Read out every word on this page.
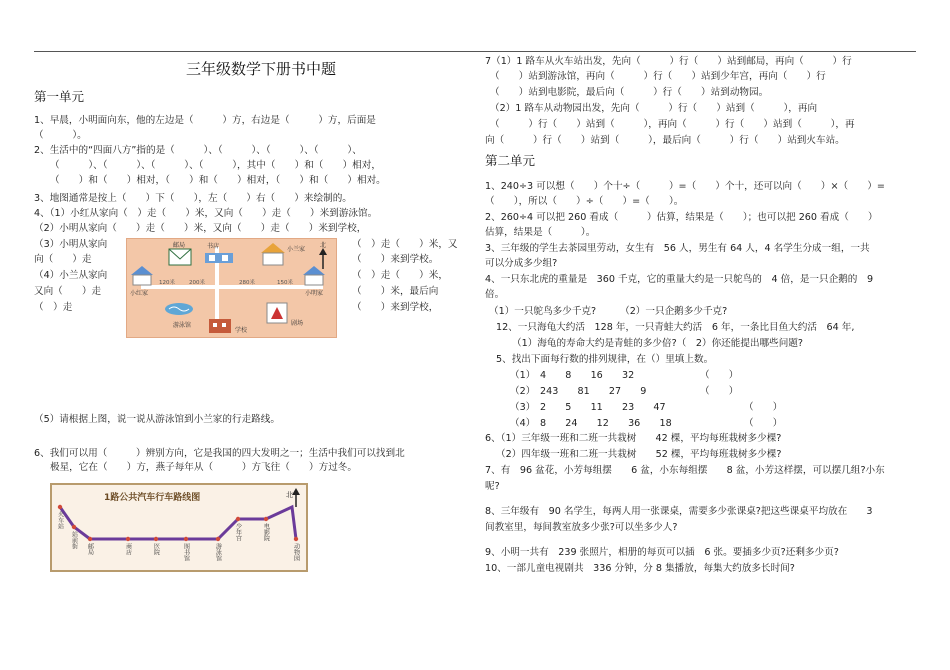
三年级数学下册书中题
第一单元
1、早晨，小明面向东，他的左边是（　　　）方，右边是（　　　）方，后面是
（　　　）。
2、生活中的“四面八方”指的是（　　　）、（　　　）、（　　　）、（　　　）、
（　　　）、（　　　）、（　　　）、（　　　），其中（　　）和（　　）相对，
（　　）和（　　）相对，（　　）和（　　）相对，（　　）和（　　）相对。
3、地图通常是按上（　　）下（　　），左（　　）右（　　）来绘制的。
4、（1）小红从家向（　）走（　　）米，又向（　　）走（　　）米到游泳馆。
（2）小明从家向（　　）走（　　）米，又向（　　）走（　　）米到学校，
（3）小明从家向
向（　　）走
（4）小兰从家向
又向（　　）走
（　）走
（　）走（　　）米，又
（　　）来到学校。
（　）走（　　）米，
（　　）米，最后向
（　　）来到学校，
邮局	书店	小兰家
北
小红家	小明家
120米	200米	280米	150米
游泳馆
学校
剧场
（5）请根据上图，说一说从游泳馆到小兰家的行走路线。
6、我们可以用（　　　）辨别方向，它是我国的四大发明之一；生活中我们可以找到北
极星，它在（　　）方，燕子每年从（　　　）方飞往（　　）方过冬。
1路公共汽车行车路线图	北
火车站
站前街 邮局	商店	医院	图书馆	游泳馆
少年宫	电影院
动物园
7（1）1 路车从火车站出发，先向（　　　）行（　　）站到邮局，再向（　　　）行
（　　）站到游泳馆，再向（　　　）行（　　）站到少年宫，再向（　　）行
（　　）站到电影院，最后向（　　　）行（　　）站到动物园。
（2）1 路车从动物园出发，先向（　　　）行（　　）站到（　　　），再向
（　　　）行（　　）站到（　　　），再向（　　　）行（　　）站到（　　　），再
向（　　　）行（　　）站到（　　　），最后向（　　　）行（　　）站到火车站。
第二单元
1、240÷3 可以想（　　）个十÷（　　　）=（　　）个十，还可以向（　　）×（　　）=
（　　），所以（　　）÷（　　）=（　　）。
2、260÷4 可以把 260 看成（　　　）估算，结果是（　　）；也可以把 260 看成（　　）
估算，结果是（　　　）。
3、三年级的学生去茶园里劳动，女生有　56 人，男生有 64 人，4 名学生分成一组，一共
可以分成多少组?
4、一只东北虎的重量是　360 千克，它的重量大约是一只鸵鸟的　4 倍，是一只企鹅的　9
倍。
（1）一只鸵鸟多少千克?　　　（2）一只企鹅多少千克?
12、一只海龟大约活　128 年，一只青蛙大约活　6 年，一条比目鱼大约活　64 年,
（1）海龟的寿命大约是青蛙的多少倍?（　2）你还能提出哪些问题?
5、找出下面每行数的排列规律，在（）里填上数。
（1） 4　　8　　16　　32	（　　）
（2） 243　　81　　27　　9	（　　）
（3） 2　　5　　11　　23　　47	（　　）
（4） 8　　24　　12　　36　　18	（　　）
6、（1）三年级一班和二班一共栽树　　42 棵，平均每班栽树多少棵?
（2）四年级一班和二班一共栽树　　52 棵，平均每班栽树多少棵?
7、有　96 盆花，小芳每组摆　　6 盆，小东每组摆　　8 盆，小芳这样摆，可以摆几组?小东
呢?
8、三年级有　90 名学生，每两人用一张课桌，需要多少张课桌?把这些课桌平均放在　　3
间教室里，每间教室放多少张?可以坐多少人?
9、小明一共有　239 张照片，相册的每页可以插　6 张。要插多少页?还剩多少页?
10、一部儿童电视剧共　336 分钟，分 8 集播放，每集大约放多长时间?
